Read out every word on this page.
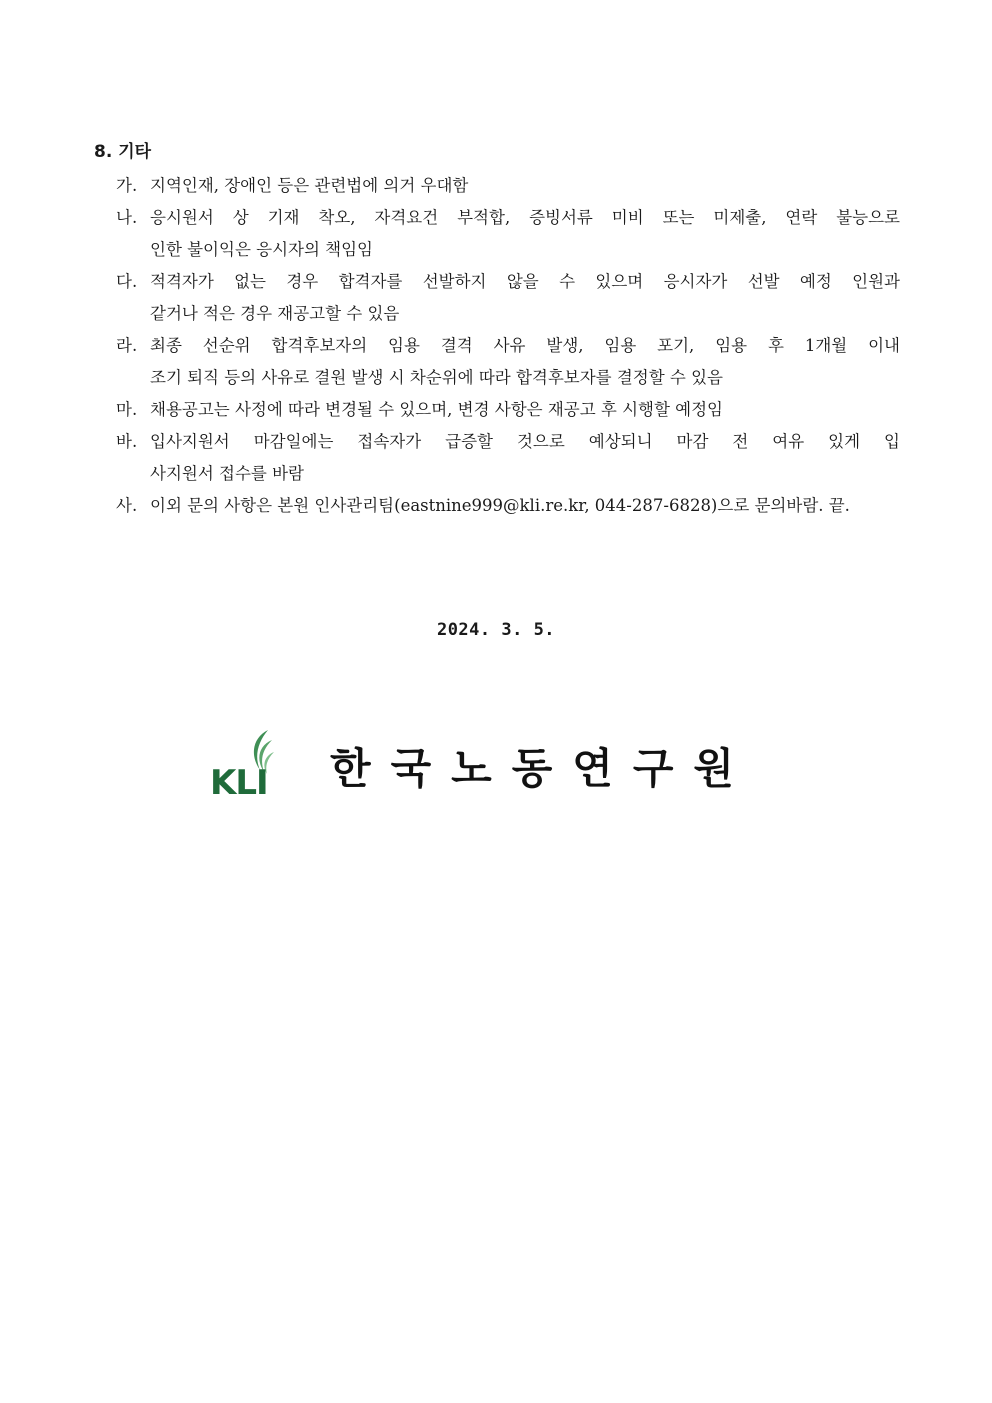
8. 기타
가. 지역인재, 장애인 등은 관련법에 의거 우대함
나. 응시원서 상 기재 착오, 자격요건 부적합, 증빙서류 미비 또는 미제출, 연락 불능으로
인한 불이익은 응시자의 책임임
다. 적격자가 없는 경우 합격자를 선발하지 않을 수 있으며 응시자가 선발 예정 인원과
같거나 적은 경우 재공고할 수 있음
라. 최종 선순위 합격후보자의 임용 결격 사유 발생, 임용 포기, 임용 후 1개월 이내
조기 퇴직 등의 사유로 결원 발생 시 차순위에 따라 합격후보자를 결정할 수 있음
마. 채용공고는 사정에 따라 변경될 수 있으며, 변경 사항은 재공고 후 시행할 예정임
바. 입사지원서 마감일에는 접속자가 급증할 것으로 예상되니 마감 전 여유 있게 입
사지원서 접수를 바람
사. 이외 문의 사항은 본원 인사관리팀(eastnine999@kli.re.kr, 044-287-6828)으로 문의바람. 끝.
2024. 3. 5.
KLI 한국노동연구원
